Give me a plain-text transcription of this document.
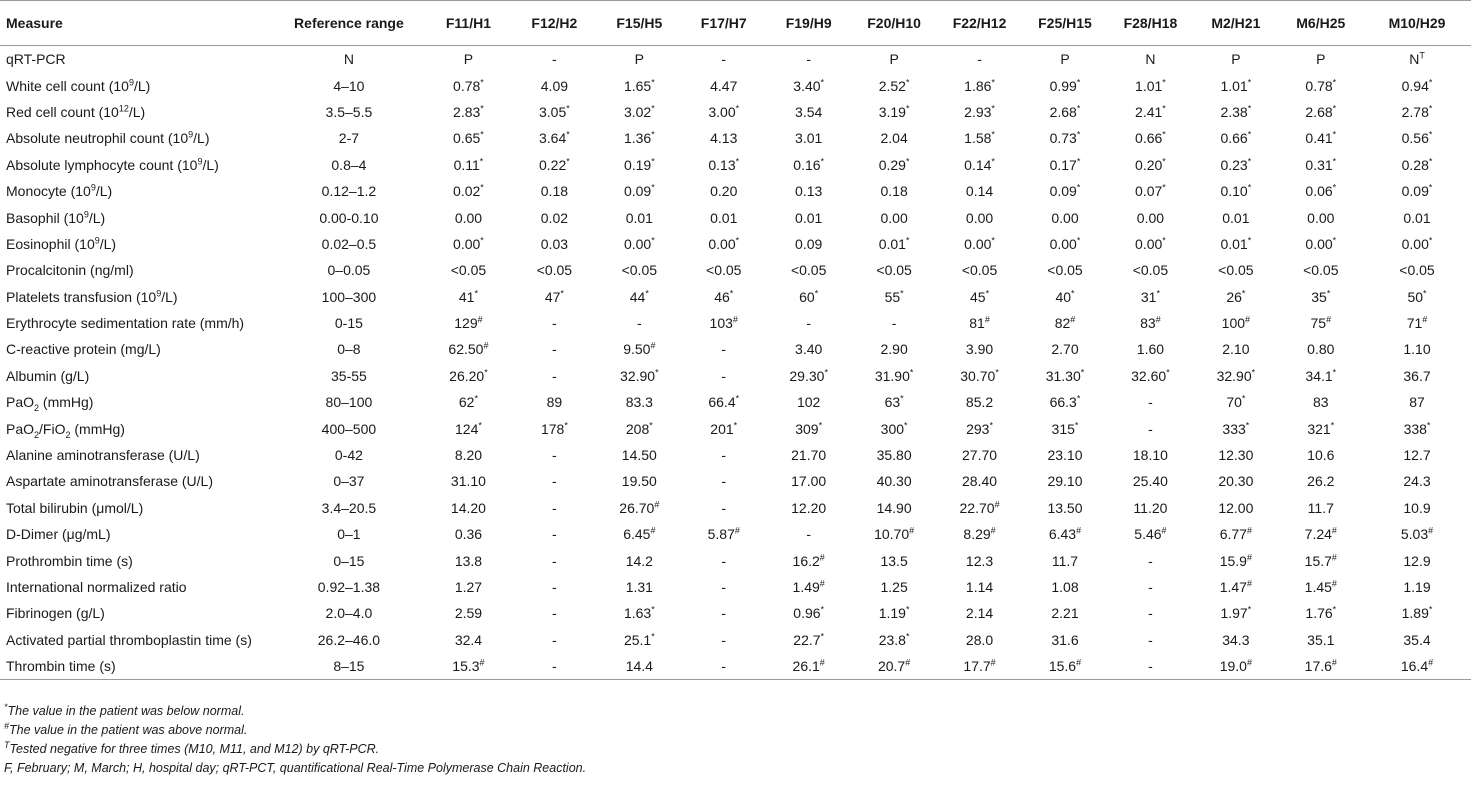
Measure	Reference range	F11/H1	F12/H2	F15/H5	F17/H7	F19/H9	F20/H10	F22/H12	F25/H15	F28/H18	M2/H21	M6/H25	M10/H29
qRT-PCR	N	P	-	P	-	-	P	-	P	N	P	P	$N^T$
White cell count $(10^9/L)$	4–10	0.78*	4.09	1.65*	4.47	3.40*	2.52*	1.86*	0.99*	1.01*	1.01*	0.78*	0.94*
Red cell count $(10^{12}/L)$	3.5–5.5	2.83*	3.05*	3.02*	3.00*	3.54	3.19*	2.93*	2.68*	2.41*	2.38*	2.68*	2.78*
Absolute neutrophil count $(10^9/L)$	2-7	0.65*	3.64*	1.36*	4.13	3.01	2.04	1.58*	0.73*	0.66*	0.66*	0.41*	0.56*
Absolute lymphocyte count $(10^9/L)$	0.8–4	0.11*	0.22*	0.19*	0.13*	0.16*	0.29*	0.14*	0.17*	0.20*	0.23*	0.31*	0.28*
Monocyte $(10^9/L)$	0.12–1.2	0.02*	0.18	0.09*	0.20	0.13	0.18	0.14	0.09*	0.07*	0.10*	0.06*	0.09*
Basophil $(10^9/L)$	0.00-0.10	0.00	0.02	0.01	0.01	0.01	0.00	0.00	0.00	0.00	0.01	0.00	0.01
Eosinophil $(10^9/L)$	0.02–0.5	0.00*	0.03	0.00*	0.00*	0.09	0.01*	0.00*	0.00*	0.00*	0.01*	0.00*	0.00*
Procalcitonin (ng/ml)	0–0.05	<0.05	<0.05	<0.05	<0.05	<0.05	<0.05	<0.05	<0.05	<0.05	<0.05	<0.05	<0.05
Platelets transfusion $(10^9/L)$	100–300	41*	47*	44*	46*	60*	55*	45*	40*	31*	26*	35*	50*
Erythrocyte sedimentation rate (mm/h)	0-15	129#	-	-	103#	-	-	81#	82#	83#	100#	75#	71#
C-reactive protein (mg/L)	0–8	62.50#	-	9.50#	-	3.40	2.90	3.90	2.70	1.60	2.10	0.80	1.10
Albumin (g/L)	35-55	26.20*	-	32.90*	-	29.30*	31.90*	30.70*	31.30*	32.60*	32.90*	34.1*	36.7
PaO$_2$ (mmHg)	80–100	62*	89	83.3	66.4*	102	63*	85.2	66.3*	-	70*	83	87
PaO$_2$/FiO$_2$ (mmHg)	400–500	124*	178*	208*	201*	309*	300*	293*	315*	-	333*	321*	338*
Alanine aminotransferase (U/L)	0-42	8.20	-	14.50	-	21.70	35.80	27.70	23.10	18.10	12.30	10.6	12.7
Aspartate aminotransferase (U/L)	0–37	31.10	-	19.50	-	17.00	40.30	28.40	29.10	25.40	20.30	26.2	24.3
Total bilirubin (μmol/L)	3.4–20.5	14.20	-	26.70#	-	12.20	14.90	22.70#	13.50	11.20	12.00	11.7	10.9
D-Dimer (μg/mL)	0–1	0.36	-	6.45#	5.87#	-	10.70#	8.29#	6.43#	5.46#	6.77#	7.24#	5.03#
Prothrombin time (s)	0–15	13.8	-	14.2	-	16.2#	13.5	12.3	11.7	-	15.9#	15.7#	12.9
International normalized ratio	0.92–1.38	1.27	-	1.31	-	1.49#	1.25	1.14	1.08	-	1.47#	1.45#	1.19
Fibrinogen (g/L)	2.0–4.0	2.59	-	1.63*	-	0.96*	1.19*	2.14	2.21	-	1.97*	1.76*	1.89*
Activated partial thromboplastin time (s)	26.2–46.0	32.4	-	25.1*	-	22.7*	23.8*	28.0	31.6	-	34.3	35.1	35.4
Thrombin time (s)	8–15	15.3#	-	14.4	-	26.1#	20.7#	17.7#	15.6#	-	19.0#	17.6#	16.4#
*The value in the patient was below normal.
#The value in the patient was above normal.
$^T$Tested negative for three times (M10, M11, and M12) by qRT-PCR.
F, February; M, March; H, hospital day; qRT-PCT, quantificational Real-Time Polymerase Chain Reaction.
